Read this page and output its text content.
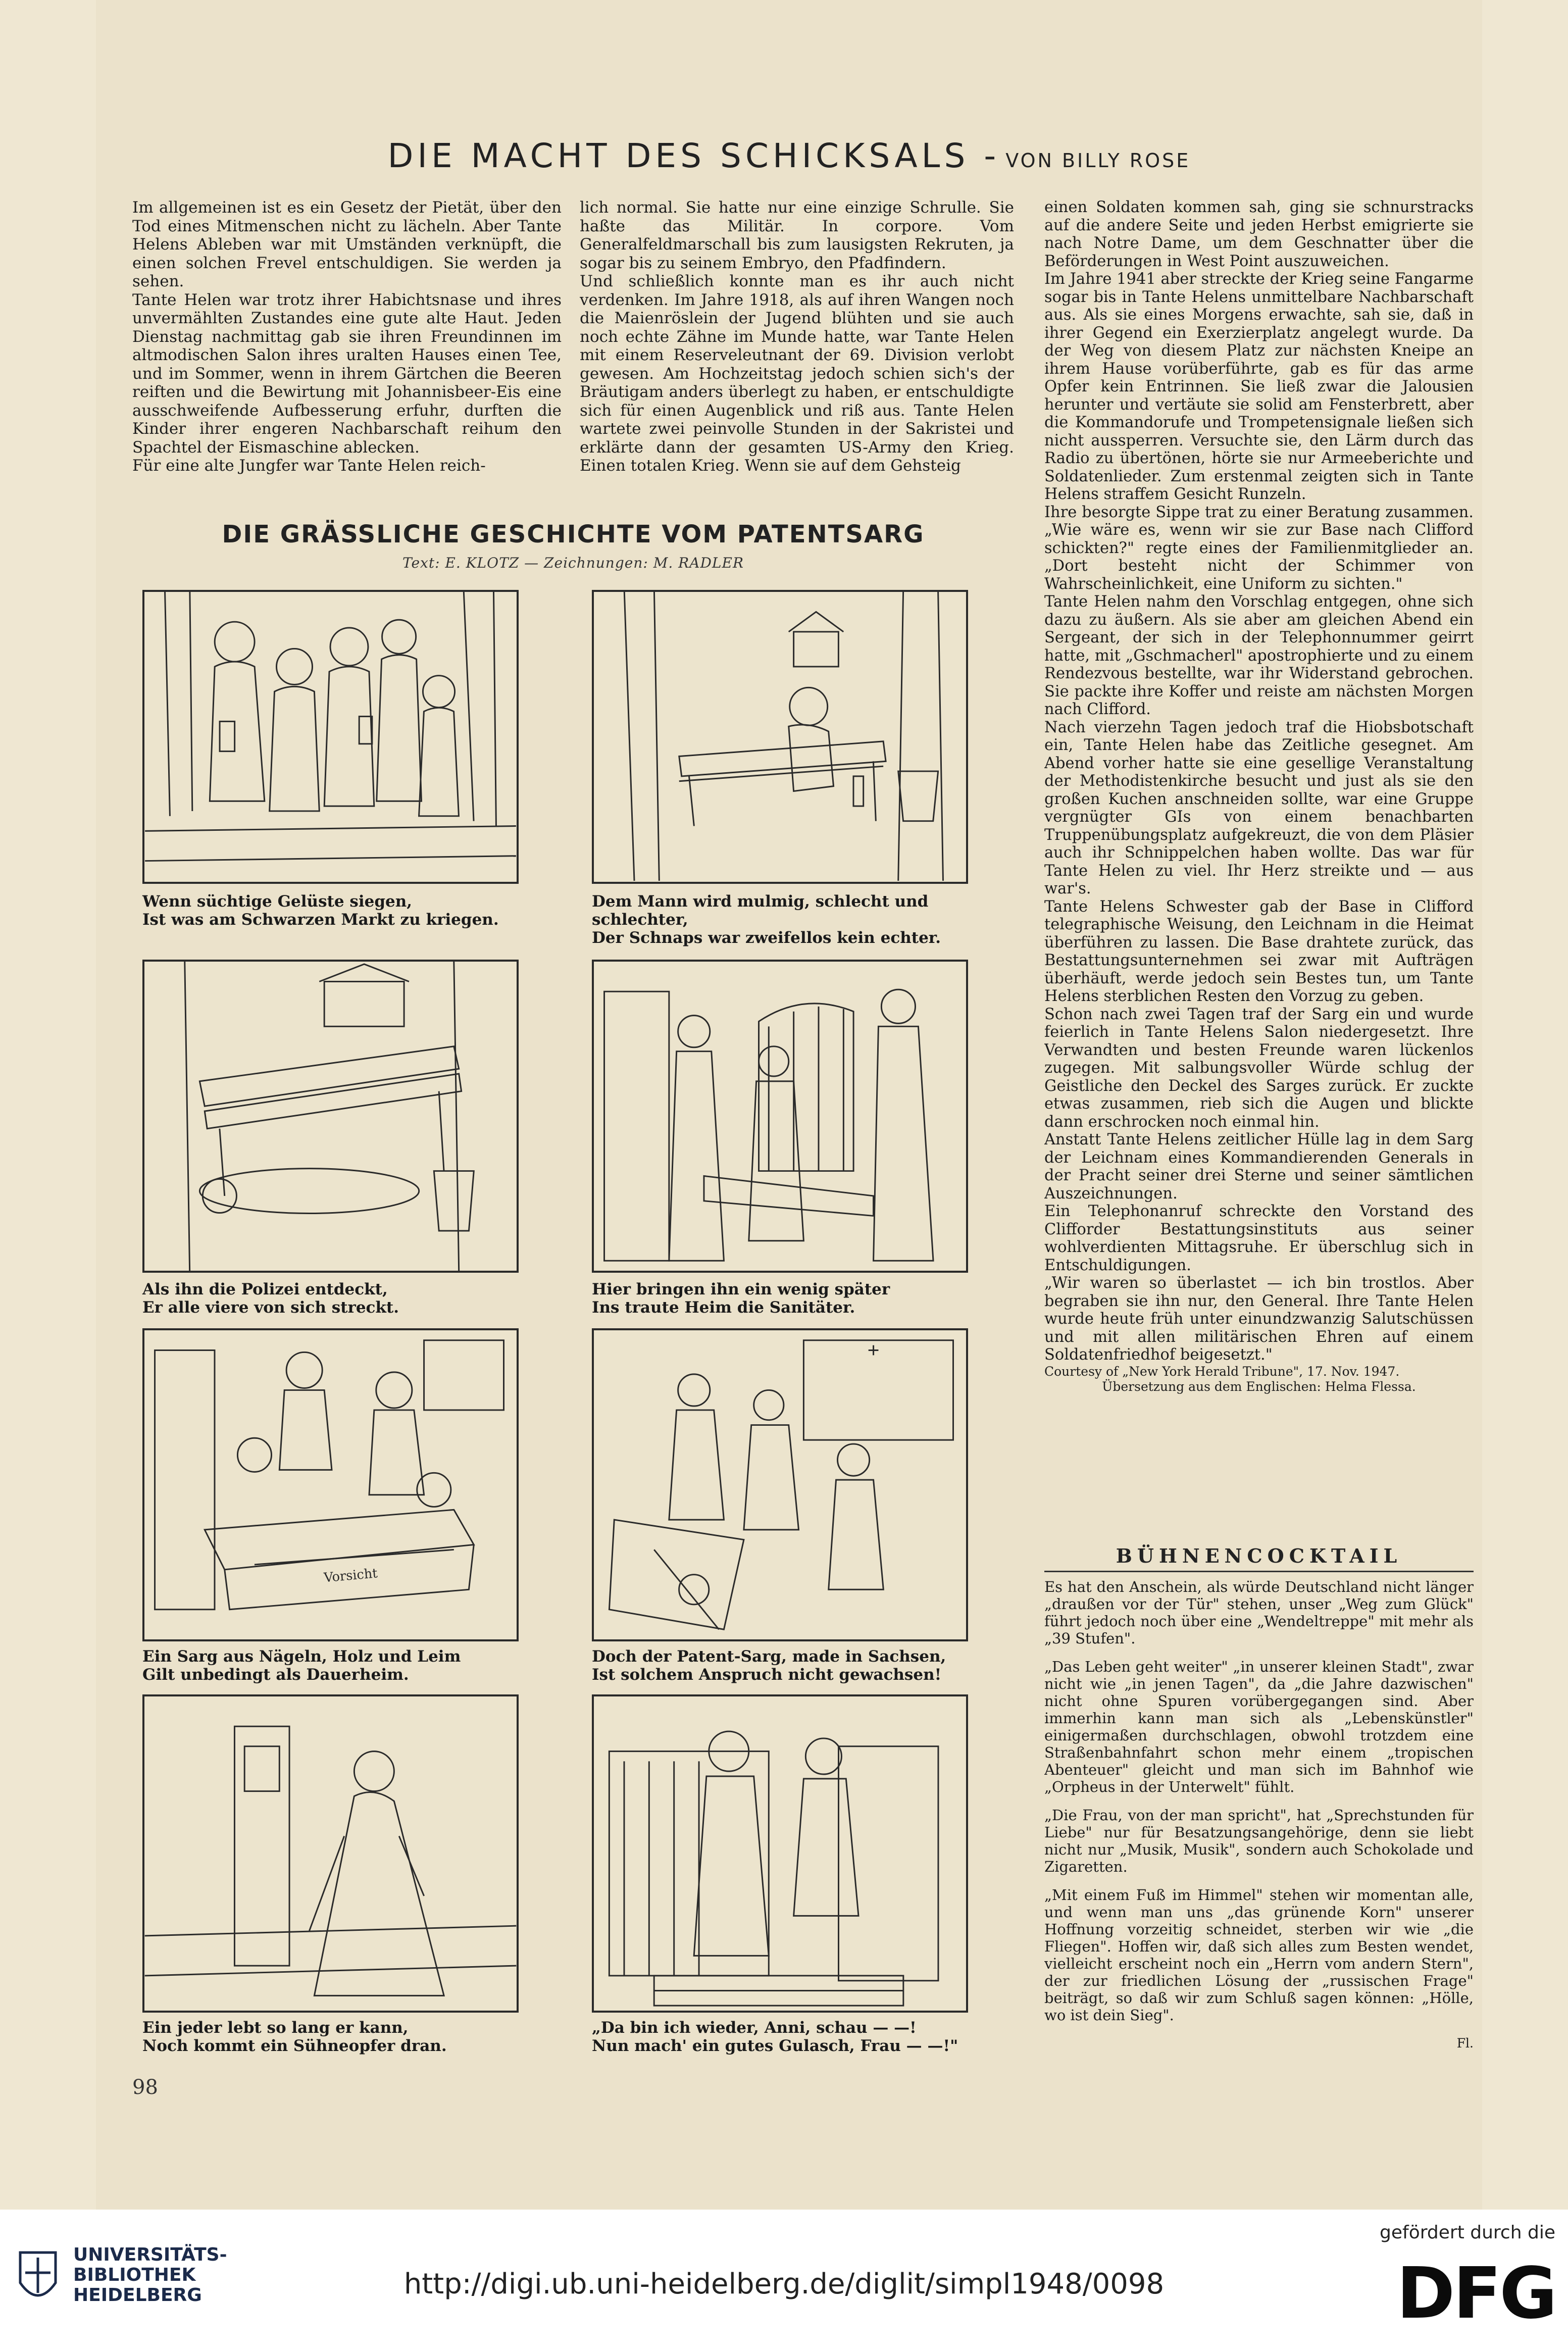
DIE MACHT DES SCHICKSALS - VON BILLY ROSE

Im allgemeinen ist es ein Gesetz der Pietät, über den Tod eines Mitmenschen nicht zu lächeln. Aber Tante Helens Ableben war mit Umständen verknüpft, die einen solchen Frevel entschuldigen. Sie werden ja sehen.

Tante Helen war trotz ihrer Habichtsnase und ihres unvermählten Zustandes eine gute alte Haut. Jeden Dienstag nachmittag gab sie ihren Freundinnen im altmodischen Salon ihres uralten Hauses einen Tee, und im Sommer, wenn in ihrem Gärtchen die Beeren reiften und die Bewirtung mit Johannisbeer-Eis eine ausschweifende Aufbesserung erfuhr, durften die Kinder ihrer engeren Nachbarschaft reihum den Spachtel der Eismaschine ablecken.

Für eine alte Jungfer war Tante Helen reich-

lich normal. Sie hatte nur eine einzige Schrulle. Sie haßte das Militär. In corpore. Vom Generalfeldmarschall bis zum lausigsten Rekruten, ja sogar bis zu seinem Embryo, den Pfadfindern.

Und schließlich konnte man es ihr auch nicht verdenken. Im Jahre 1918, als auf ihren Wangen noch die Maienröslein der Jugend blühten und sie auch noch echte Zähne im Munde hatte, war Tante Helen mit einem Reserveleutnant der 69. Division verlobt gewesen. Am Hochzeitstag jedoch schien sich's der Bräutigam anders überlegt zu haben, er entschuldigte sich für einen Augenblick und riß aus. Tante Helen wartete zwei peinvolle Stunden in der Sakristei und erklärte dann der gesamten US-Army den Krieg. Einen totalen Krieg. Wenn sie auf dem Gehsteig

einen Soldaten kommen sah, ging sie schnurstracks auf die andere Seite und jeden Herbst emigrierte sie nach Notre Dame, um dem Geschnatter über die Beförderungen in West Point auszuweichen.

Im Jahre 1941 aber streckte der Krieg seine Fangarme sogar bis in Tante Helens unmittelbare Nachbarschaft aus. Als sie eines Morgens erwachte, sah sie, daß in ihrer Gegend ein Exerzierplatz angelegt wurde. Da der Weg von diesem Platz zur nächsten Kneipe an ihrem Hause vorüberführte, gab es für das arme Opfer kein Entrinnen. Sie ließ zwar die Jalousien herunter und vertäute sie solid am Fensterbrett, aber die Kommandorufe und Trompetensignale ließen sich nicht aussperren. Versuchte sie, den Lärm durch das Radio zu übertönen, hörte sie nur Armeeberichte und Soldatenlieder. Zum erstenmal zeigten sich in Tante Helens straffem Gesicht Runzeln.

Ihre besorgte Sippe trat zu einer Beratung zusammen. „Wie wäre es, wenn wir sie zur Base nach Clifford schickten?" regte eines der Familienmitglieder an. „Dort besteht nicht der Schimmer von Wahrscheinlichkeit, eine Uniform zu sichten."

Tante Helen nahm den Vorschlag entgegen, ohne sich dazu zu äußern. Als sie aber am gleichen Abend ein Sergeant, der sich in der Telephonnummer geirrt hatte, mit „Gschmacherl" apostrophierte und zu einem Rendezvous bestellte, war ihr Widerstand gebrochen. Sie packte ihre Koffer und reiste am nächsten Morgen nach Clifford.

Nach vierzehn Tagen jedoch traf die Hiobsbotschaft ein, Tante Helen habe das Zeitliche gesegnet. Am Abend vorher hatte sie eine gesellige Veranstaltung der Methodistenkirche besucht und just als sie den großen Kuchen anschneiden sollte, war eine Gruppe vergnügter GIs von einem benachbarten Truppenübungsplatz aufgekreuzt, die von dem Pläsier auch ihr Schnippelchen haben wollte. Das war für Tante Helen zu viel. Ihr Herz streikte und — aus war's.

Tante Helens Schwester gab der Base in Clifford telegraphische Weisung, den Leichnam in die Heimat überführen zu lassen. Die Base drahtete zurück, das Bestattungsunternehmen sei zwar mit Aufträgen überhäuft, werde jedoch sein Bestes tun, um Tante Helens sterblichen Resten den Vorzug zu geben.

Schon nach zwei Tagen traf der Sarg ein und wurde feierlich in Tante Helens Salon niedergesetzt. Ihre Verwandten und besten Freunde waren lückenlos zugegen. Mit salbungsvoller Würde schlug der Geistliche den Deckel des Sarges zurück. Er zuckte etwas zusammen, rieb sich die Augen und blickte dann erschrocken noch einmal hin.

Anstatt Tante Helens zeitlicher Hülle lag in dem Sarg der Leichnam eines Kommandierenden Generals in der Pracht seiner drei Sterne und seiner sämtlichen Auszeichnungen.

Ein Telephonanruf schreckte den Vorstand des Clifforder Bestattungsinstituts aus seiner wohlverdienten Mittagsruhe. Er überschlug sich in Entschuldigungen.

„Wir waren so überlastet — ich bin trostlos. Aber begraben sie ihn nur, den General. Ihre Tante Helen wurde heute früh unter einundzwanzig Salutschüssen und mit allen militärischen Ehren auf einem Soldatenfriedhof beigesetzt."

Courtesy of „New York Herald Tribune", 17. Nov. 1947.

Übersetzung aus dem Englischen: Helma Flessa.

DIE GRÄSSLICHE GESCHICHTE VOM PATENTSARG
Text: E. KLOTZ — Zeichnungen: M. RADLER
Wenn süchtige Gelüste siegen,
Ist was am Schwarzen Markt zu kriegen.
Dem Mann wird mulmig, schlecht und schlechter,
Der Schnaps war zweifellos kein echter.
Als ihn die Polizei entdeckt,
Er alle viere von sich streckt.
Hier bringen ihn ein wenig später
Ins traute Heim die Sanitäter.
Vorsicht
Ein Sarg aus Nägeln, Holz und Leim
Gilt unbedingt als Dauerheim.
Doch der Patent-Sarg, made in Sachsen,
Ist solchem Anspruch nicht gewachsen!
Ein jeder lebt so lang er kann,
Noch kommt ein Sühneopfer dran.
„Da bin ich wieder, Anni, schau — —!
Nun mach' ein gutes Gulasch, Frau — —!"
BÜHNENCOCKTAIL

Es hat den Anschein, als würde Deutschland nicht länger „draußen vor der Tür" stehen, unser „Weg zum Glück" führt jedoch noch über eine „Wendeltreppe" mit mehr als „39 Stufen".

„Das Leben geht weiter" „in unserer kleinen Stadt", zwar nicht wie „in jenen Tagen", da „die Jahre dazwischen" nicht ohne Spuren vorübergegangen sind. Aber immerhin kann man sich als „Lebenskünstler" einigermaßen durchschlagen, obwohl trotzdem eine Straßenbahnfahrt schon mehr einem „tropischen Abenteuer" gleicht und man sich im Bahnhof wie „Orpheus in der Unterwelt" fühlt.

„Die Frau, von der man spricht", hat „Sprechstunden für Liebe" nur für Besatzungsangehörige, denn sie liebt nicht nur „Musik, Musik", sondern auch Schokolade und Zigaretten.

„Mit einem Fuß im Himmel" stehen wir momentan alle, und wenn man uns „das grünende Korn" unserer Hoffnung vorzeitig schneidet, sterben wir wie „die Fliegen". Hoffen wir, daß sich alles zum Besten wendet, vielleicht erscheint noch ein „Herrn vom andern Stern", der zur friedlichen Lösung der „russischen Frage" beiträgt, so daß wir zum Schluß sagen können: „Hölle, wo ist dein Sieg".

Fl.

98
UNIVERSITÄTS-
BIBLIOTHEK
HEIDELBERG	http://digi.ub.uni-heidelberg.de/diglit/simpl1948/0098
gefördert durch die
DFG
